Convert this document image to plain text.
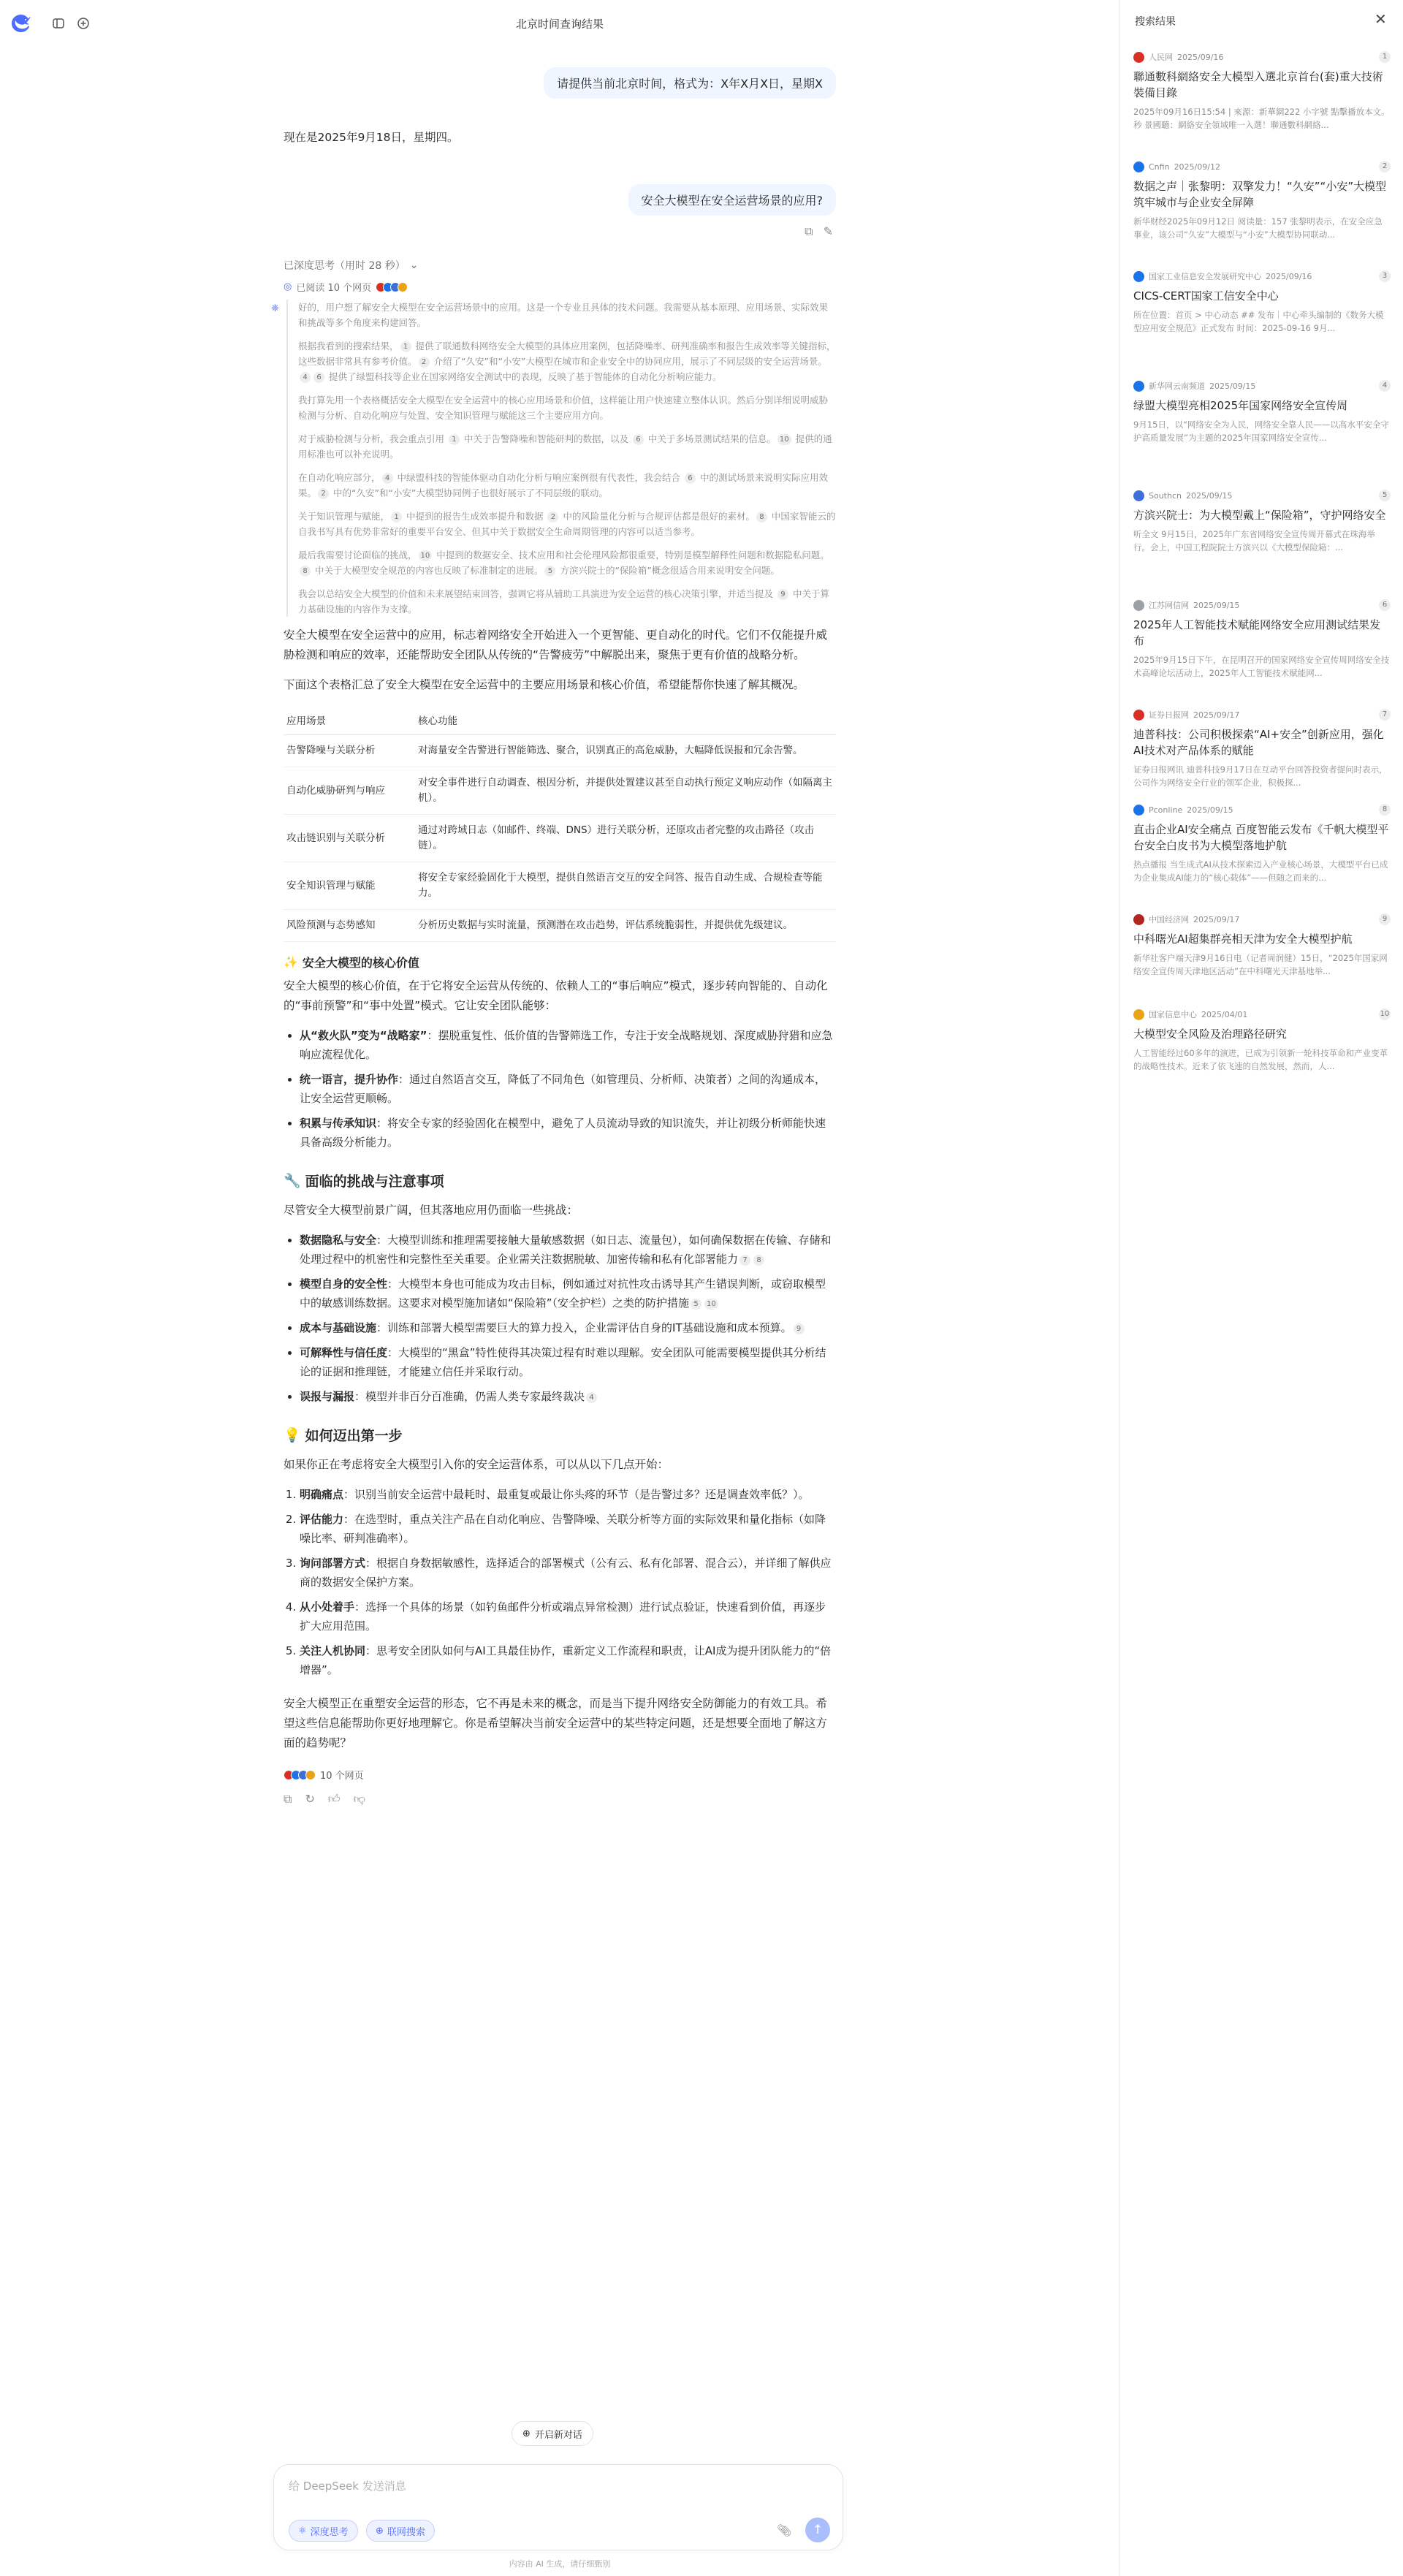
北京时间查询结果
请提供当前北京时间，格式为：X年X月X日，星期X
现在是2025年9月18日，星期四。
安全大模型在安全运营场景的应用?
⧉ ✎
已深度思考（用时 28 秒） ⌄
◎ 已阅读 10 个网页
❈	好的，用户想了解安全大模型在安全运营场景中的应用。这是一个专业且具体的技术问题。我需要从基本原理、应用场景、实际效果和挑战等多个角度来构建回答。

根据我看到的搜索结果， 1 提供了联通数科网络安全大模型的具体应用案例，包括降噪率、研判准确率和报告生成效率等关键指标，这些数据非常具有参考价值。 2 介绍了“久安”和“小安”大模型在城市和企业安全中的协同应用，展示了不同层级的安全运营场景。4 6 提供了绿盟科技等企业在国家网络安全测试中的表现，反映了基于智能体的自动化分析响应能力。

我打算先用一个表格概括安全大模型在安全运营中的核心应用场景和价值，这样能让用户快速建立整体认识。然后分别详细说明威胁检测与分析、自动化响应与处置、安全知识管理与赋能这三个主要应用方向。

对于威胁检测与分析，我会重点引用 1 中关于告警降噪和智能研判的数据，以及 6 中关于多场景测试结果的信息。 10 提供的通用标准也可以补充说明。

在自动化响应部分， 4 中绿盟科技的智能体驱动自动化分析与响应案例很有代表性，我会结合 6 中的测试场景来说明实际应用效果。 2 中的“久安”和“小安”大模型协同例子也很好展示了不同层级的联动。

关于知识管理与赋能， 1 中提到的报告生成效率提升和数据 2 中的风险量化分析与合规评估都是很好的素材。 8 中国家智能云的自我书写具有优势非常好的重要平台安全、但其中关于数据安全生命周期管理的内容可以适当参考。

最后我需要讨论面临的挑战， 10 中提到的数据安全、技术应用和社会伦理风险都很重要，特别是模型解释性问题和数据隐私问题。8 中关于大模型安全规范的内容也反映了标准制定的进展。 5 方滨兴院士的“保险箱”概念很适合用来说明安全问题。

我会以总结安全大模型的价值和未来展望结束回答，强调它将从辅助工具演进为安全运营的核心决策引擎，并适当提及 9 中关于算力基础设施的内容作为支撑。

安全大模型在安全运营中的应用，标志着网络安全开始进入一个更智能、更自动化的时代。它们不仅能提升威胁检测和响应的效率，还能帮助安全团队从传统的“告警疲劳”中解脱出来，聚焦于更有价值的战略分析。
下面这个表格汇总了安全大模型在安全运营中的主要应用场景和核心价值，希望能帮你快速了解其概况。
应用场景	核心功能
告警降噪与关联分析	对海量安全告警进行智能筛选、聚合，识别真正的高危威胁，大幅降低误报和冗余告警。
自动化威胁研判与响应	对安全事件进行自动调查、根因分析，并提供处置建议甚至自动执行预定义响应动作（如隔离主机）。
攻击链识别与关联分析	通过对跨域日志（如邮件、终端、DNS）进行关联分析，还原攻击者完整的攻击路径（攻击链）。
安全知识管理与赋能	将安全专家经验固化于大模型，提供自然语言交互的安全问答、报告自动生成、合规检查等能力。
风险预测与态势感知	分析历史数据与实时流量，预测潜在攻击趋势，评估系统脆弱性，并提供优先级建议。
✨ 安全大模型的核心价值
安全大模型的核心价值，在于它将安全运营从传统的、依赖人工的“事后响应”模式，逐步转向智能的、自动化的“事前预警”和“事中处置”模式。它让安全团队能够：
• 从“救火队”变为“战略家”：摆脱重复性、低价值的告警筛选工作，专注于安全战略规划、深度威胁狩猎和应急响应流程优化。
• 统一语言，提升协作：通过自然语言交互，降低了不同角色（如管理员、分析师、决策者）之间的沟通成本，让安全运营更顺畅。
• 积累与传承知识：将安全专家的经验固化在模型中，避免了人员流动导致的知识流失，并让初级分析师能快速具备高级分析能力。
🔧 面临的挑战与注意事项
尽管安全大模型前景广阔，但其落地应用仍面临一些挑战：
• 数据隐私与安全：大模型训练和推理需要接触大量敏感数据（如日志、流量包），如何确保数据在传输、存储和处理过程中的机密性和完整性至关重要。企业需关注数据脱敏、加密传输和私有化部署能力 7 8
• 模型自身的安全性：大模型本身也可能成为攻击目标，例如通过对抗性攻击诱导其产生错误判断，或窃取模型中的敏感训练数据。这要求对模型施加诸如“保险箱”（安全护栏）之类的防护措施 5 10
• 成本与基础设施：训练和部署大模型需要巨大的算力投入，企业需评估自身的IT基础设施和成本预算。 9
• 可解释性与信任度：大模型的“黑盒”特性使得其决策过程有时难以理解。安全团队可能需要模型提供其分析结论的证据和推理链，才能建立信任并采取行动。
• 误报与漏报：模型并非百分百准确，仍需人类专家最终裁决 4
💡 如何迈出第一步
如果你正在考虑将安全大模型引入你的安全运营体系，可以从以下几点开始：
1. 明确痛点：识别当前安全运营中最耗时、最重复或最让你头疼的环节（是告警过多？还是调查效率低？）。
2. 评估能力：在选型时，重点关注产品在自动化响应、告警降噪、关联分析等方面的实际效果和量化指标（如降噪比率、研判准确率）。
3. 询问部署方式：根据自身数据敏感性，选择适合的部署模式（公有云、私有化部署、混合云），并详细了解供应商的数据安全保护方案。
4. 从小处着手：选择一个具体的场景（如钓鱼邮件分析或端点异常检测）进行试点验证，快速看到价值，再逐步扩大应用范围。
5. 关注人机协同：思考安全团队如何与AI工具最佳协作，重新定义工作流程和职责，让AI成为提升团队能力的“倍增器”。
安全大模型正在重塑安全运营的形态，它不再是未来的概念，而是当下提升网络安全防御能力的有效工具。希望这些信息能帮助你更好地理解它。你是希望解决当前安全运营中的某些特定问题，还是想要全面地了解这方面的趋势呢？
10 个网页
⧉ ↻ 👍︎ 👎︎
⊕ 开启新对话
给 DeepSeek 发送消息
⚛ 深度思考	⊕ 联网搜索	📎︎ ↑
内容由 AI 生成，请仔细甄别
搜索结果	✕
人民网 2025/09/16	1
聯通數科網絡安全大模型入選北京首台(套)重大技術裝備目錄
2025年09月16日15:54 | 來源：新華網222 小字號 點擊播放本文。秒 景國聽：網絡安全領域唯一入選！聯通數科網絡...
Cnfin 2025/09/12	2
数据之声｜张黎明：双擎发力！“久安”“小安”大模型筑牢城市与企业安全屏障
新华财经2025年09月12日 阅读量：157 张黎明表示，在安全应急事业，该公司“久安”大模型与“小安”大模型协同联动...
国家工业信息安全发展研究中心 2025/09/16	3
CICS-CERT国家工信安全中心
所在位置：首页 > 中心动态 ## 发布｜中心牵头编制的《数务大模型应用安全规范》正式发布 时间：2025-09-16 9月...
新华网云南频道 2025/09/15	4
绿盟大模型亮相2025年国家网络安全宣传周
9月15日，以“网络安全为人民，网络安全靠人民——以高水平安全守护高质量发展”为主题的2025年国家网络安全宣传...
Southcn 2025/09/15	5
方滨兴院士：为大模型戴上“保险箱”，守护网络安全
听全文 9月15日，2025年广东省网络安全宣传周开幕式在珠海举行。会上，中国工程院院士方滨兴以《大模型保险箱：...
江苏网信网 2025/09/15	6
2025年人工智能技术赋能网络安全应用测试结果发布
2025年9月15日下午，在昆明召开的国家网络安全宣传周网络安全技术高峰论坛活动上，2025年人工智能技术赋能网...
证券日报网 2025/09/17	7
迪普科技：公司积极探索“AI+安全”创新应用，强化AI技术对产品体系的赋能
证券日报网讯 迪普科技9月17日在互动平台回答投资者提问时表示，公司作为网络安全行业的领军企业，积极探...
Pconline 2025/09/15	8
直击企业AI安全痛点 百度智能云发布《千帆大模型平台安全白皮书为大模型落地护航
热点播报 当生成式AI从技术探索迈入产业核心场景，大模型平台已成为企业集成AI能力的“核心载体”——但随之而来的...
中国经济网 2025/09/17	9
中科曙光AI超集群亮相天津为安全大模型护航
新华社客户端天津9月16日电（记者周润健）15日，“2025年国家网络安全宣传周天津地区活动”在中科曙光天津基地举...
国家信息中心 2025/04/01	10
大模型安全风险及治理路径研究
人工智能经过60多年的演进，已成为引领新一轮科技革命和产业变革的战略性技术。近来了依飞速的自然发展，然而，人...
